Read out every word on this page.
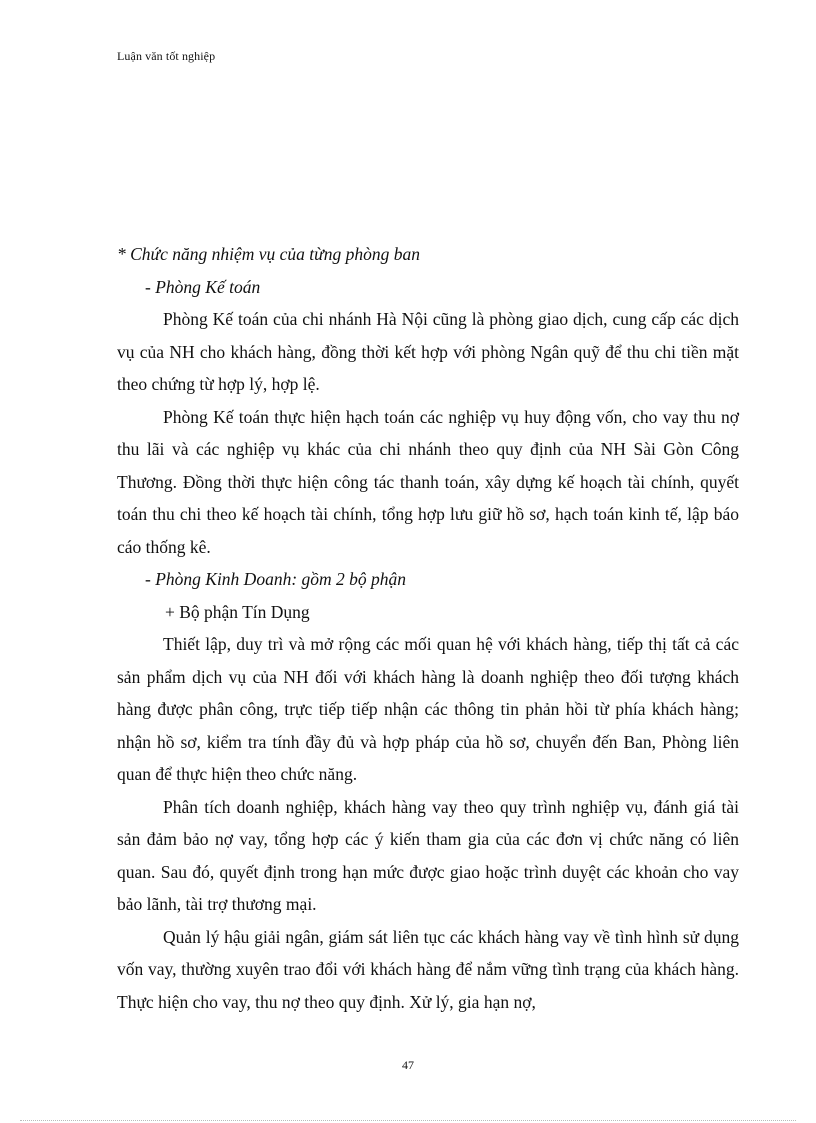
Luận văn tốt nghiệp

* Chức năng nhiệm vụ của từng phòng ban

- Phòng Kế toán

Phòng Kế toán của chi nhánh Hà Nội cũng là phòng giao dịch, cung cấp các dịch vụ của NH cho khách hàng, đồng thời kết hợp với phòng Ngân quỹ để thu chi tiền mặt theo chứng từ hợp lý, hợp lệ.

Phòng Kế toán thực hiện hạch toán các nghiệp vụ huy động vốn, cho vay thu nợ thu lãi và các nghiệp vụ khác của chi nhánh theo quy định của NH Sài Gòn Công Thương. Đồng thời thực hiện công tác thanh toán, xây dựng kế hoạch tài chính, quyết toán thu chi theo kế hoạch tài chính, tổng hợp lưu giữ hồ sơ, hạch toán kinh tế, lập báo cáo thống kê.

- Phòng Kinh Doanh: gồm 2 bộ phận

+ Bộ phận Tín Dụng

Thiết lập, duy trì và mở rộng các mối quan hệ với khách hàng, tiếp thị tất cả các sản phẩm dịch vụ của NH đối với khách hàng là doanh nghiệp theo đối tượng khách hàng được phân công, trực tiếp tiếp nhận các thông tin phản hồi từ phía khách hàng; nhận hồ sơ, kiểm tra tính đầy đủ và hợp pháp của hồ sơ, chuyển đến Ban, Phòng liên quan để thực hiện theo chức năng.

Phân tích doanh nghiệp, khách hàng vay theo quy trình nghiệp vụ, đánh giá tài sản đảm bảo nợ vay, tổng hợp các ý kiến tham gia của các đơn vị chức năng có liên quan. Sau đó, quyết định trong hạn mức được giao hoặc trình duyệt các khoản cho vay bảo lãnh, tài trợ thương mại.

Quản lý hậu giải ngân, giám sát liên tục các khách hàng vay về tình hình sử dụng vốn vay, thường xuyên trao đổi với khách hàng để nắm vững tình trạng của khách hàng. Thực hiện cho vay, thu nợ theo quy định. Xử lý, gia hạn nợ,

47
